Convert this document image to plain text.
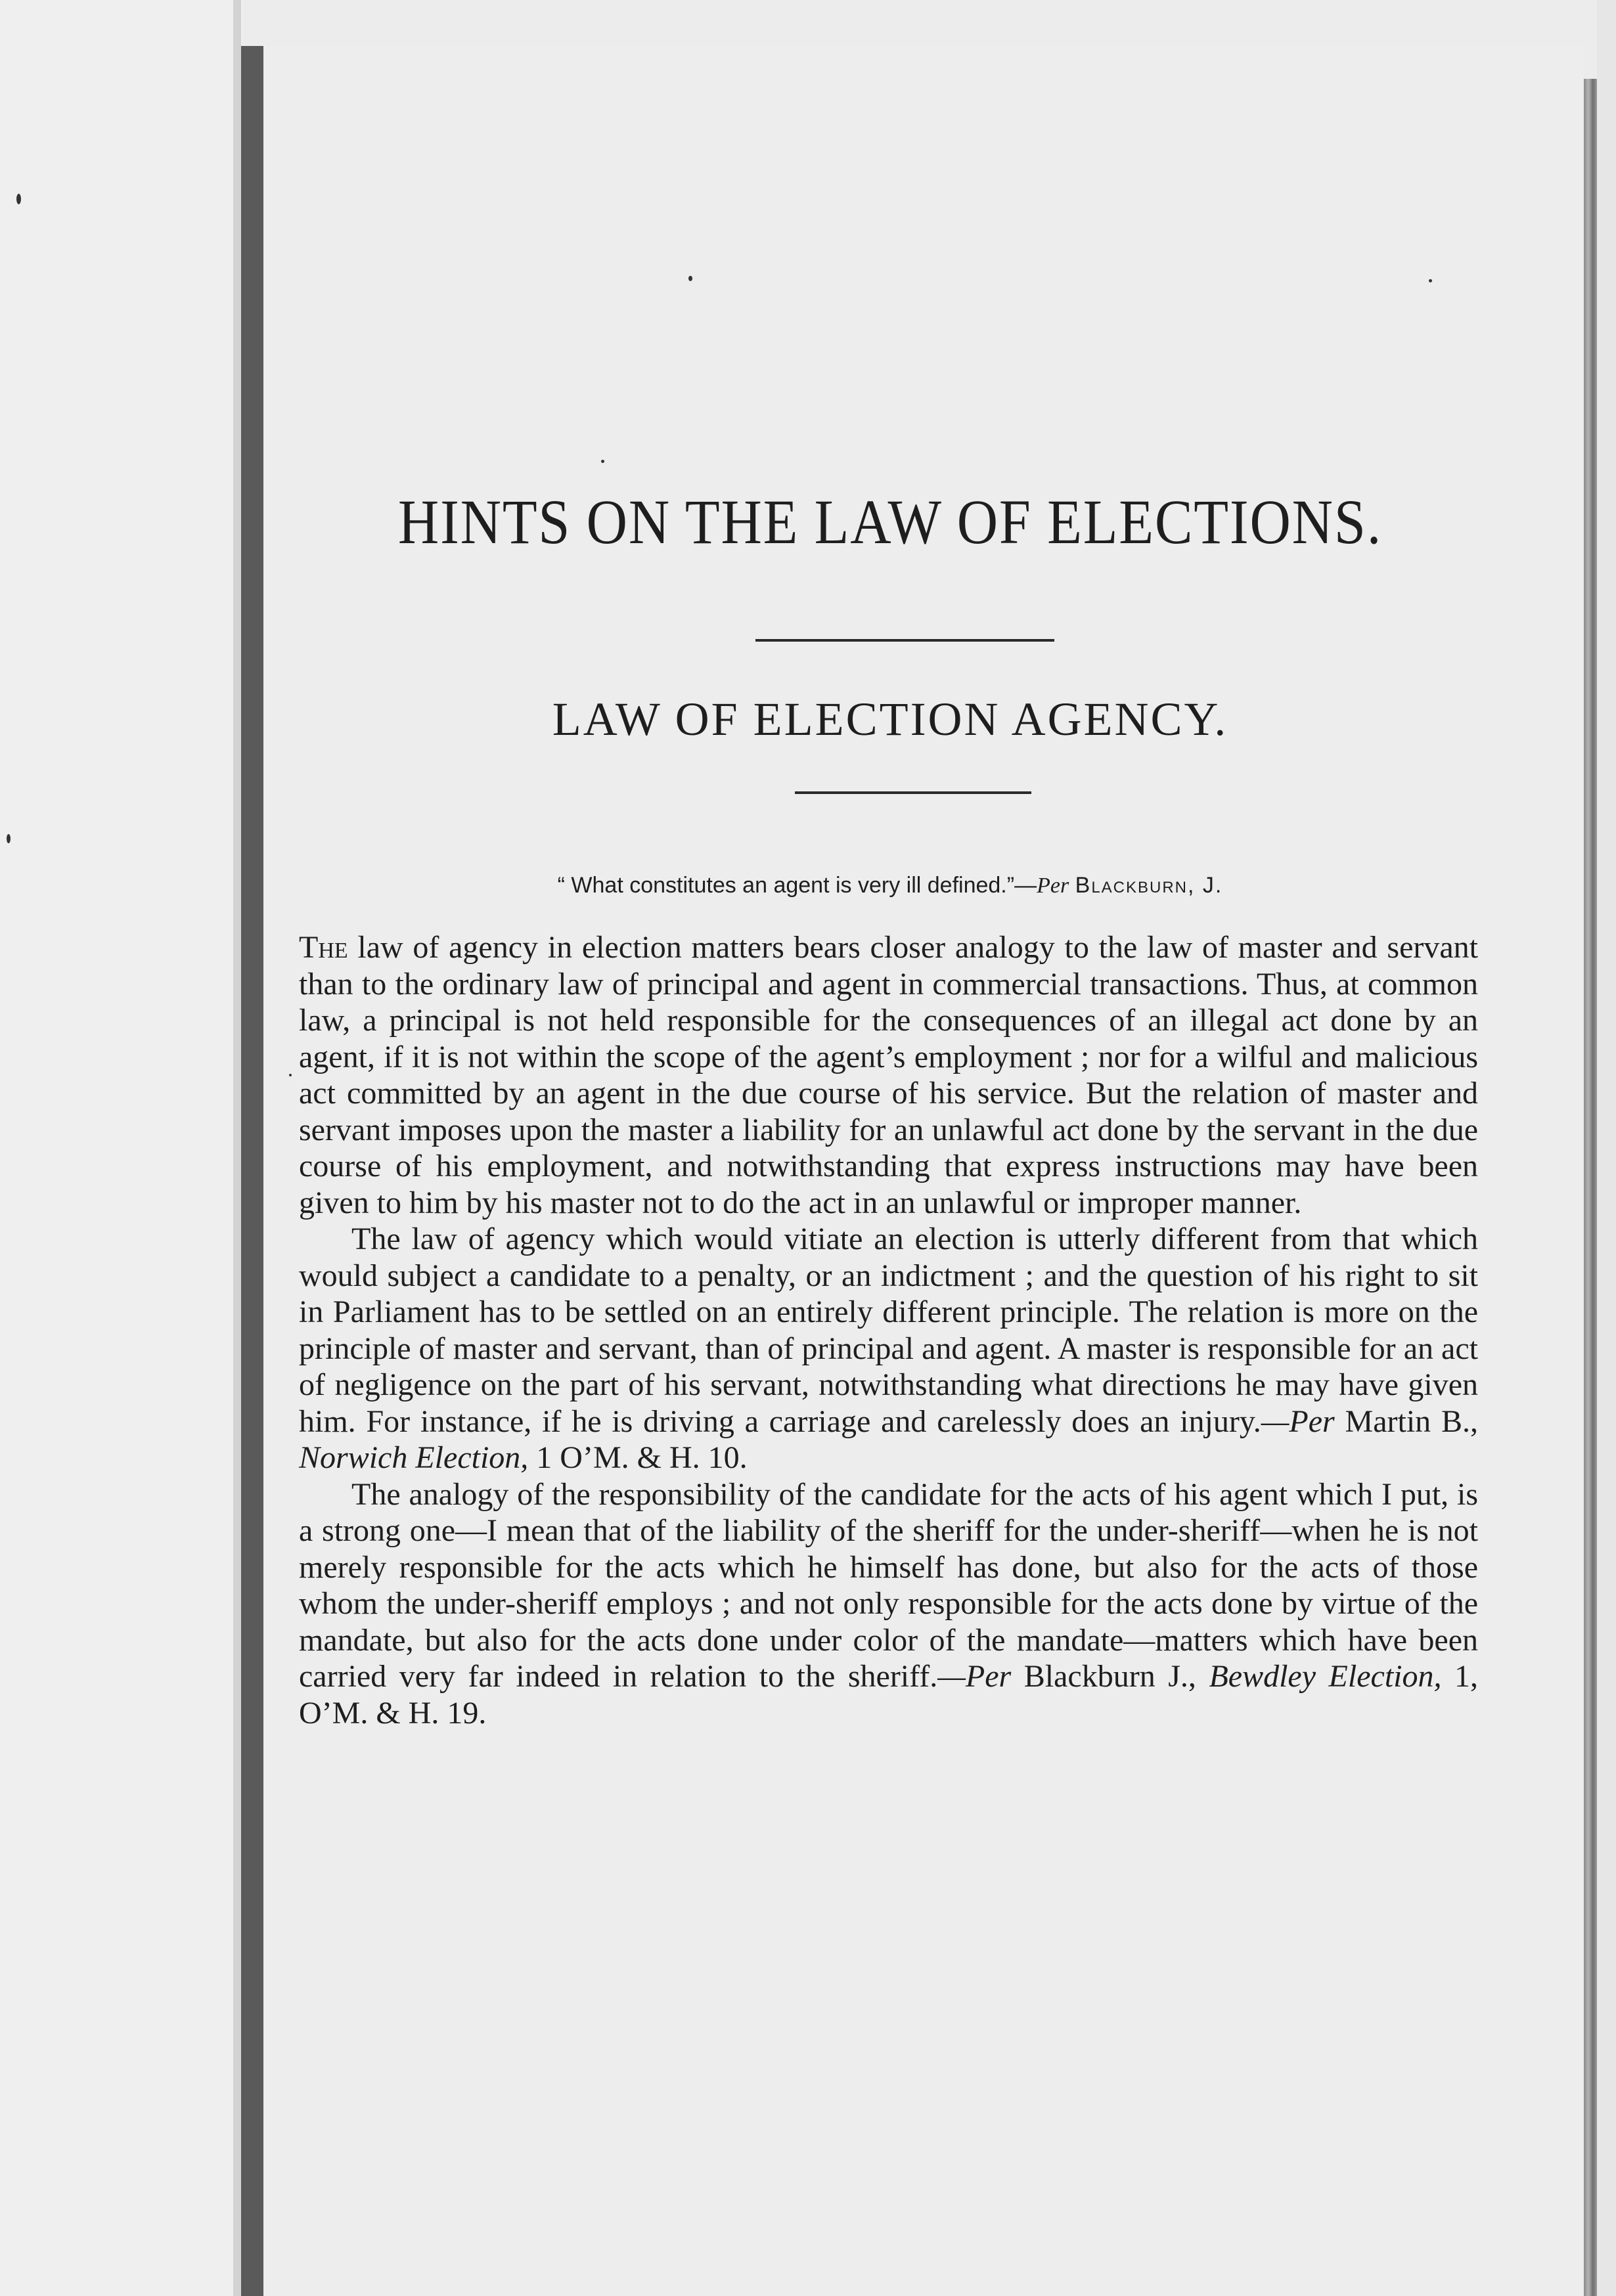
HINTS ON THE LAW OF ELECTIONS.
LAW OF ELECTION AGENCY.
“ What constitutes an agent is very ill defined.”—Per Blackburn, J.

The law of agency in election matters bears closer analogy to the law of master and servant than to the ordinary law of principal and agent in commercial transactions. Thus, at common law, a principal is not held responsible for the consequences of an illegal act done by an agent, if it is not within the scope of the agent’s employment ; nor for a wilful and malicious act committed by an agent in the due course of his service. But the relation of master and servant imposes upon the master a liability for an unlawful act done by the servant in the due course of his employment, and notwithstanding that express instructions may have been given to him by his master not to do the act in an unlawful or improper manner.

The law of agency which would vitiate an election is utterly different from that which would subject a candidate to a penalty, or an indictment ; and the question of his right to sit in Parliament has to be settled on an entirely different principle. The relation is more on the principle of master and servant, than of principal and agent. A master is responsible for an act of negligence on the part of his servant, notwithstanding what directions he may have given him. For instance, if he is driving a carriage and carelessly does an injury.—Per Martin B., Norwich Election, 1 O’M. & H. 10.

The analogy of the responsibility of the candidate for the acts of his agent which I put, is a strong one—I mean that of the liability of the sheriff for the under-sheriff—when he is not merely responsible for the acts which he himself has done, but also for the acts of those whom the under-sheriff employs ; and not only responsible for the acts done by virtue of the mandate, but also for the acts done under color of the mandate—matters which have been carried very far indeed in relation to the sheriff.—Per Blackburn J., Bewdley Election, 1, O’M. & H. 19.
